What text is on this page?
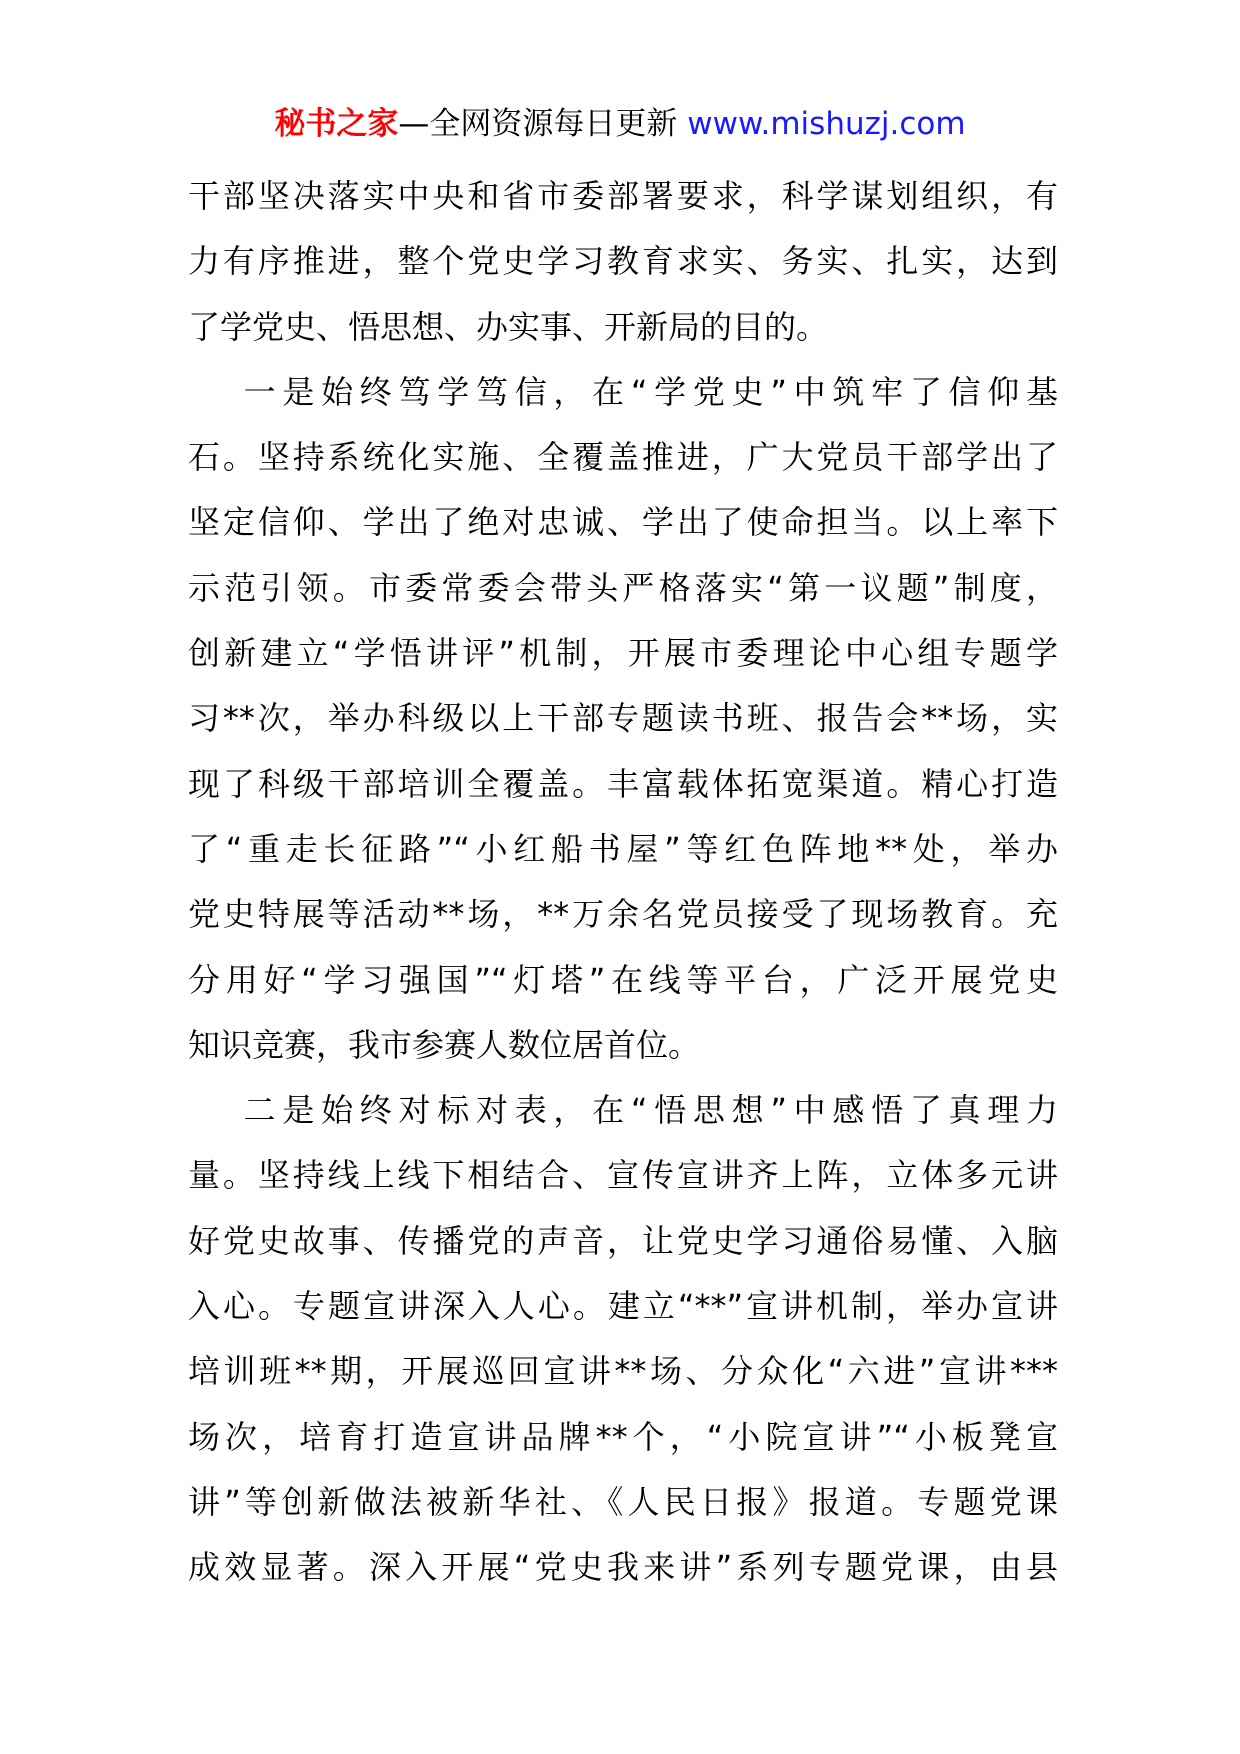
秘书之家—全网资源每日更新 www.mishuzj.com
干部坚决落实中央和省市委部署要求，科学谋划组织，有
力有序推进，整个党史学习教育求实、务实、扎实，达到
了学党史、悟思想、办实事、开新局的目的。
　 一是始终笃学笃信，在“学党史”中筑牢了信仰基
石。坚持系统化实施、全覆盖推进，广大党员干部学出了
坚定信仰、学出了绝对忠诚、学出了使命担当。以上率下
示范引领。市委常委会带头严格落实“第一议题”制度，
创新建立“学悟讲评”机制，开展市委理论中心组专题学
习**次，举办科级以上干部专题读书班、报告会**场，实
现了科级干部培训全覆盖。丰富载体拓宽渠道。精心打造
了“重走长征路”“小红船书屋”等红色阵地**处，举办
党史特展等活动**场，**万余名党员接受了现场教育。充
分用好“学习强国”“灯塔”在线等平台，广泛开展党史
知识竞赛，我市参赛人数位居首位。
　 二是始终对标对表，在“悟思想”中感悟了真理力
量。坚持线上线下相结合、宣传宣讲齐上阵，立体多元讲
好党史故事、传播党的声音，让党史学习通俗易懂、入脑
入心。专题宣讲深入人心。建立“**”宣讲机制，举办宣讲
培训班**期，开展巡回宣讲**场、分众化“六进”宣讲***
场次，培育打造宣讲品牌**个，“小院宣讲”“小板凳宣
讲”等创新做法被新华社、《人民日报》报道。专题党课
成效显著。深入开展“党史我来讲”系列专题党课，由县
